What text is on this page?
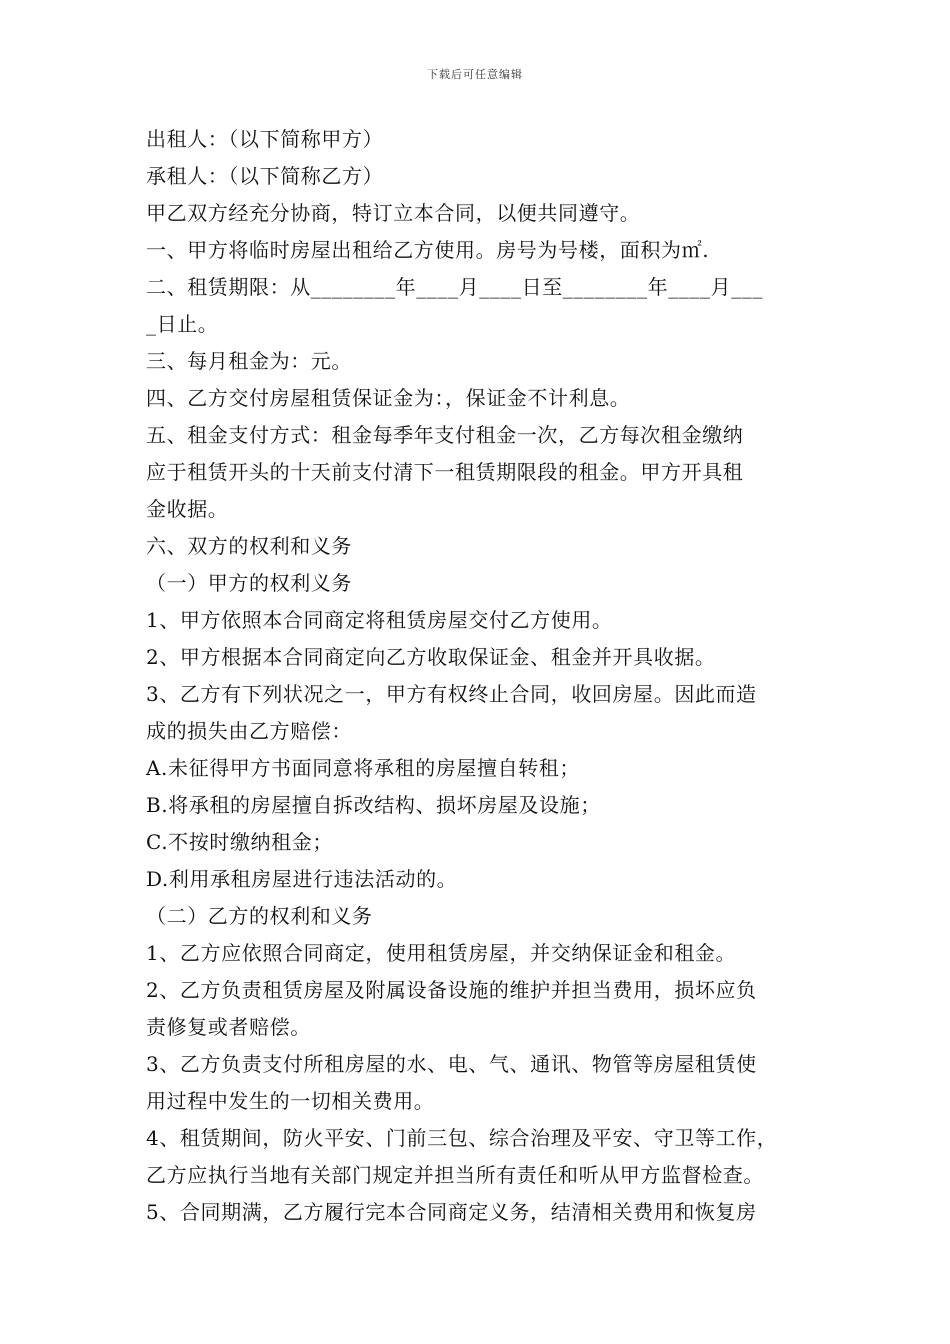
下载后可任意编辑
出租人：（以下简称甲方）
承租人：（以下简称乙方）
甲乙双方经充分协商，特订立本合同，以便共同遵守。
一、甲方将临时房屋出租给乙方使用。房号为号楼，面积为㎡.
二、租赁期限：从________年____月____日至________年____月___
_日止。
三、每月租金为：元。
四、乙方交付房屋租赁保证金为：，保证金不计利息。
五、租金支付方式：租金每季年支付租金一次，乙方每次租金缴纳
应于租赁开头的十天前支付清下一租赁期限段的租金。甲方开具租
金收据。
六、双方的权利和义务
（一）甲方的权利义务
1、甲方依照本合同商定将租赁房屋交付乙方使用。
2、甲方根据本合同商定向乙方收取保证金、租金并开具收据。
3、乙方有下列状况之一，甲方有权终止合同，收回房屋。因此而造
成的损失由乙方赔偿：
A.未征得甲方书面同意将承租的房屋擅自转租；
B.将承租的房屋擅自拆改结构、损坏房屋及设施；
C.不按时缴纳租金；
D.利用承租房屋进行违法活动的。
（二）乙方的权利和义务
1、乙方应依照合同商定，使用租赁房屋，并交纳保证金和租金。
2、乙方负责租赁房屋及附属设备设施的维护并担当费用，损坏应负
责修复或者赔偿。
3、乙方负责支付所租房屋的水、电、气、通讯、物管等房屋租赁使
用过程中发生的一切相关费用。
4、租赁期间，防火平安、门前三包、综合治理及平安、守卫等工作，
乙方应执行当地有关部门规定并担当所有责任和听从甲方监督检查。
5、合同期满，乙方履行完本合同商定义务，结清相关费用和恢复房
